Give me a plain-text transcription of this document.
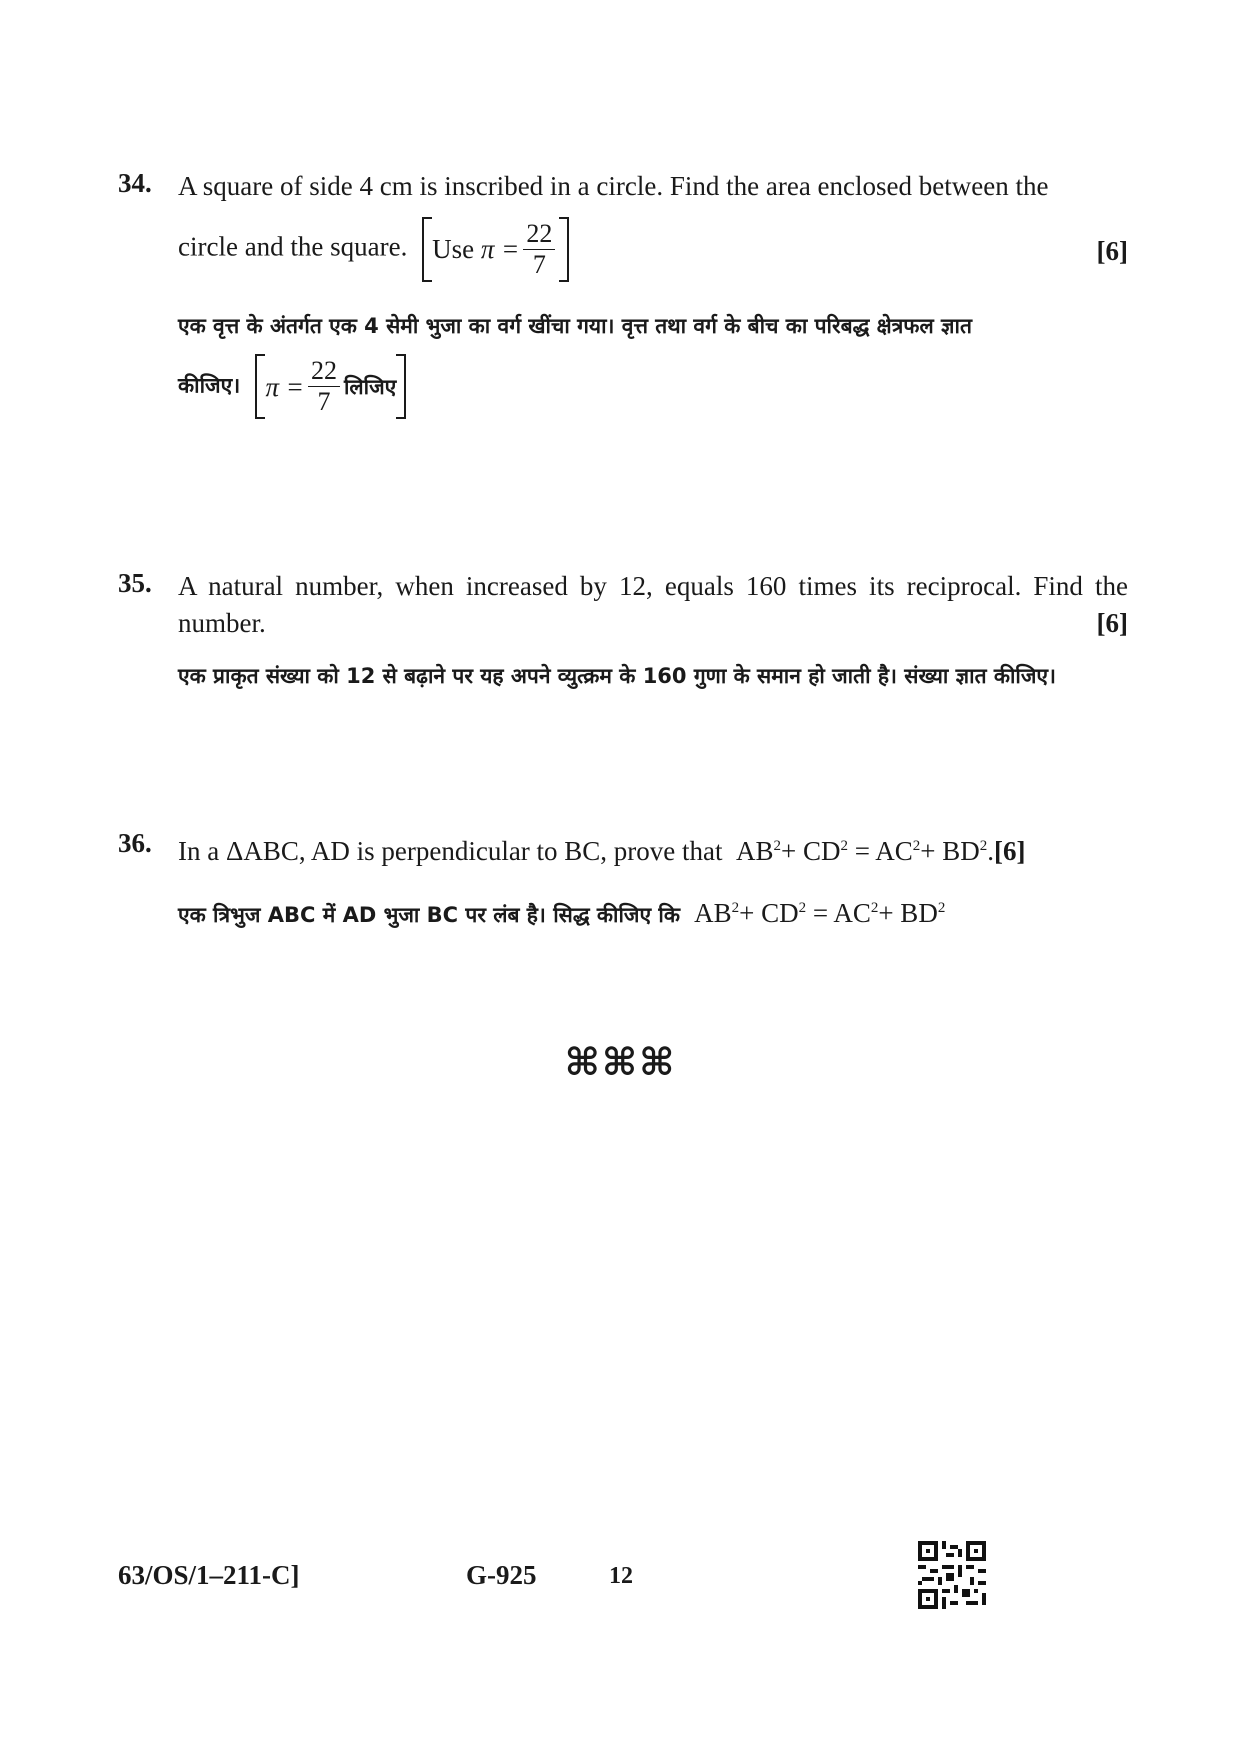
34. A square of side 4 cm is inscribed in a circle. Find the area enclosed between the
circle and the square. Use
$\pi = \frac{22}{7}$	[6]
एक वृत्त के अंतर्गत एक 4 सेमी भुजा का वर्ग खींचा गया। वृत्त तथा वर्ग के बीच का परिबद्ध क्षेत्रफल ज्ञात
कीजिए। $\pi = \frac{22}{7}$ लिजिए
35. A natural number, when increased by 12, equals 160 times its reciprocal. Find the number.	[6]
एक प्राकृत संख्या को 12 से बढ़ाने पर यह अपने व्युत्क्रम के 160 गुणा के समान हो जाती है। संख्या ज्ञात कीजिए।
36. In a ΔABC, AD is perpendicular to BC, prove that  $AB^2+ CD^2 = AC^2+ BD^2.[6]$
एक त्रिभुज ABC में AD भुजा BC पर लंब है। सिद्ध कीजिए कि  $AB^2+ CD^2 = AC^2+ BD^2$
⌘⌘⌘
63/OS/1–211-C]	G-925	12
